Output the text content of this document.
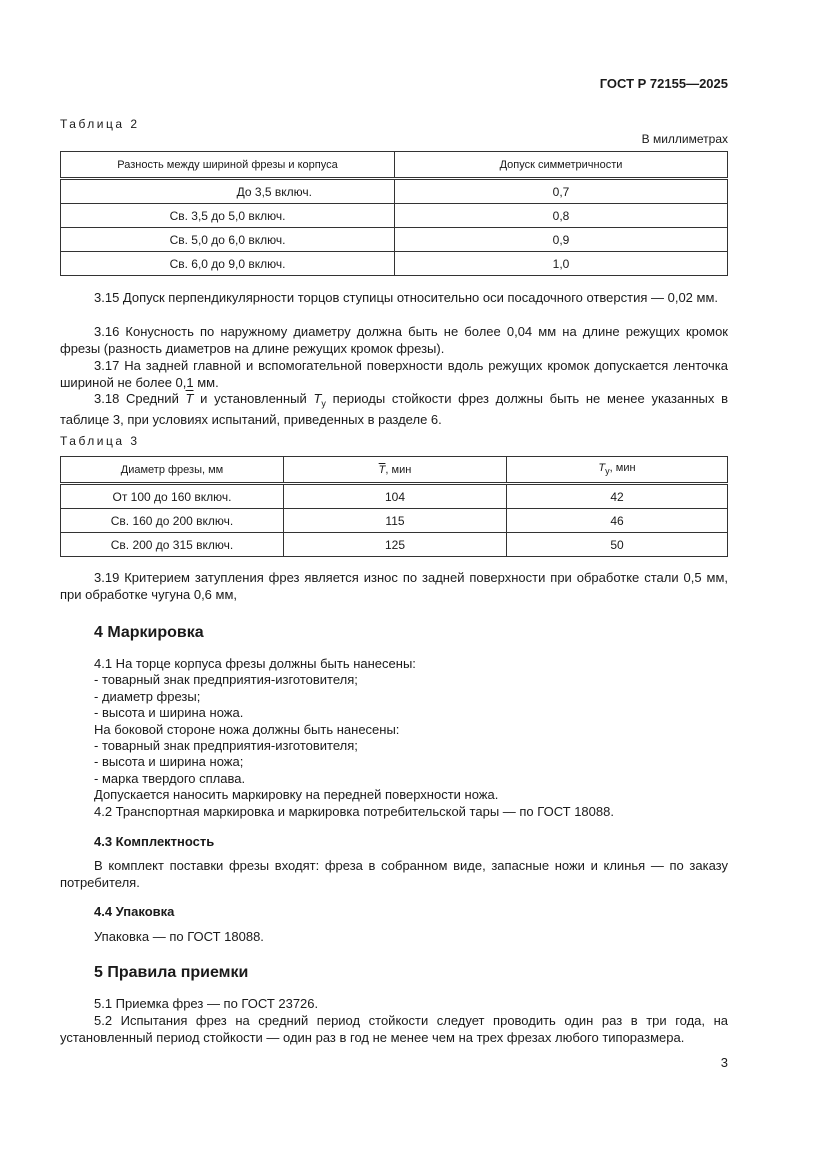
ГОСТ Р 72155—2025
Таблица 2
В миллиметрах
Разность между шириной фрезы и корпуса	Допуск симметричности
До 3,5 включ.	0,7
Св. 3,5 до 5,0 включ.	0,8
Св. 5,0 до 6,0 включ.	0,9
Св. 6,0 до 9,0 включ.	1,0
3.15 Допуск перпендикулярности торцов ступицы относительно оси посадочного отверстия — 0,02 мм.
3.16 Конусность по наружному диаметру должна быть не более 0,04 мм на длине режущих кромок фрезы (разность диаметров на длине режущих кромок фрезы).
3.17 На задней главной и вспомогательной поверхности вдоль режущих кромок допускается ленточка шириной не более 0,1 мм.
3.18 Средний $\overline{T}$ и установленный $T_у$ периоды стойкости фрез должны быть не менее указанных в таблице 3, при условиях испытаний, приведенных в разделе 6.
Таблица 3
Диаметр фрезы, мм	$\overline{T}$, мин	$T_у$, мин
От 100 до 160 включ.	104	42
Св. 160 до 200 включ.	115	46
Св. 200 до 315 включ.	125	50
3.19 Критерием затупления фрез является износ по задней поверхности при обработке стали 0,5 мм, при обработке чугуна 0,6 мм,
4 Маркировка
4.1 На торце корпуса фрезы должны быть нанесены:
- товарный знак предприятия-изготовителя;
- диаметр фрезы;
- высота и ширина ножа.
На боковой стороне ножа должны быть нанесены:
- товарный знак предприятия-изготовителя;
- высота и ширина ножа;
- марка твердого сплава.
Допускается наносить маркировку на передней поверхности ножа.
4.2 Транспортная маркировка и маркировка потребительской тары — по ГОСТ 18088.
4.3 Комплектность
В комплект поставки фрезы входят: фреза в собранном виде, запасные ножи и клинья — по заказу потребителя.
4.4 Упаковка
Упаковка — по ГОСТ 18088.
5 Правила приемки
5.1 Приемка фрез — по ГОСТ 23726.
5.2 Испытания фрез на средний период стойкости следует проводить один раз в три года, на установленный период стойкости — один раз в год не менее чем на трех фрезах любого типоразмера.
3
